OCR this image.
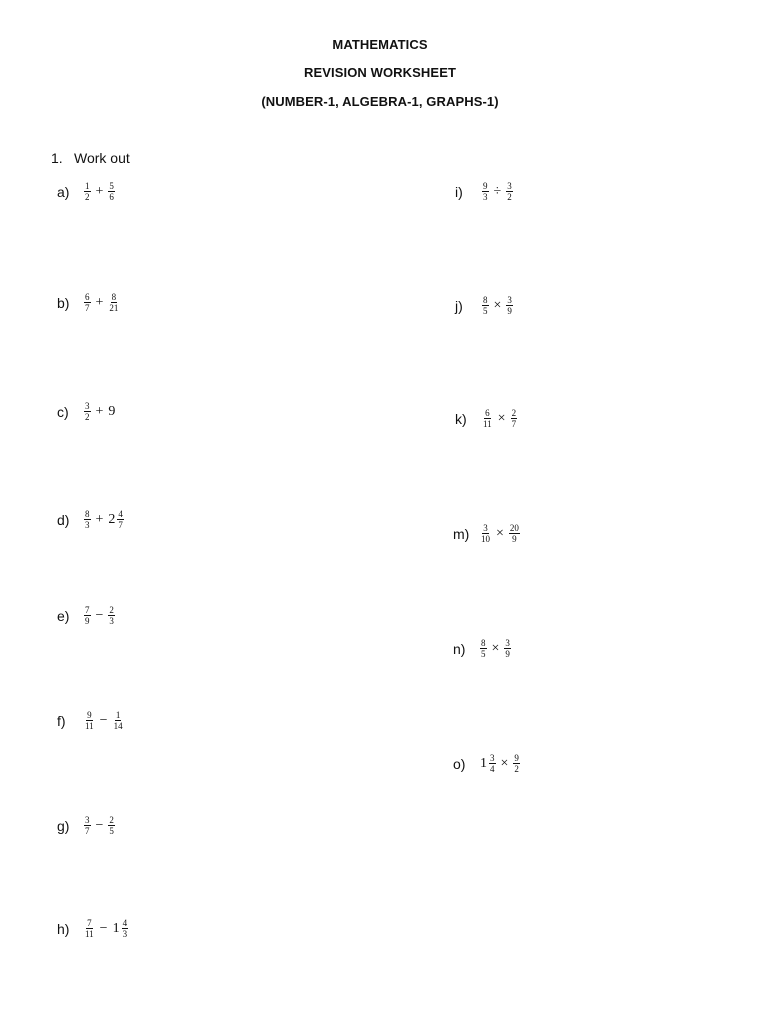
MATHEMATICS
REVISION WORKSHEET
(NUMBER-1, ALGEBRA-1, GRAPHS-1)
1. Work out
a)	$\frac{1}{2} + \frac{5}{6}$
b)	$\frac{6}{7} + \frac{8}{21}$
c)	$\frac{3}{2} + 9$
d)	$\frac{8}{3} + 2 \frac{4}{7}$
e)	$\frac{7}{9} - \frac{2}{3}$
f)	$\frac{9}{11} - \frac{1}{14}$
g)	$\frac{3}{7} - \frac{2}{5}$
h)	$\frac{7}{11} - 1 \frac{4}{3}$
i)	$\frac{9}{3} \div \frac{3}{2}$
j)	$\frac{8}{5} \times \frac{3}{9}$
k)	$\frac{6}{11} \times \frac{2}{7}$
m)	$\frac{3}{10} \times \frac{20}{9}$
n)	$\frac{8}{5} \times \frac{3}{9}$
o)	$1 \frac{3}{4} \times \frac{9}{2}$
